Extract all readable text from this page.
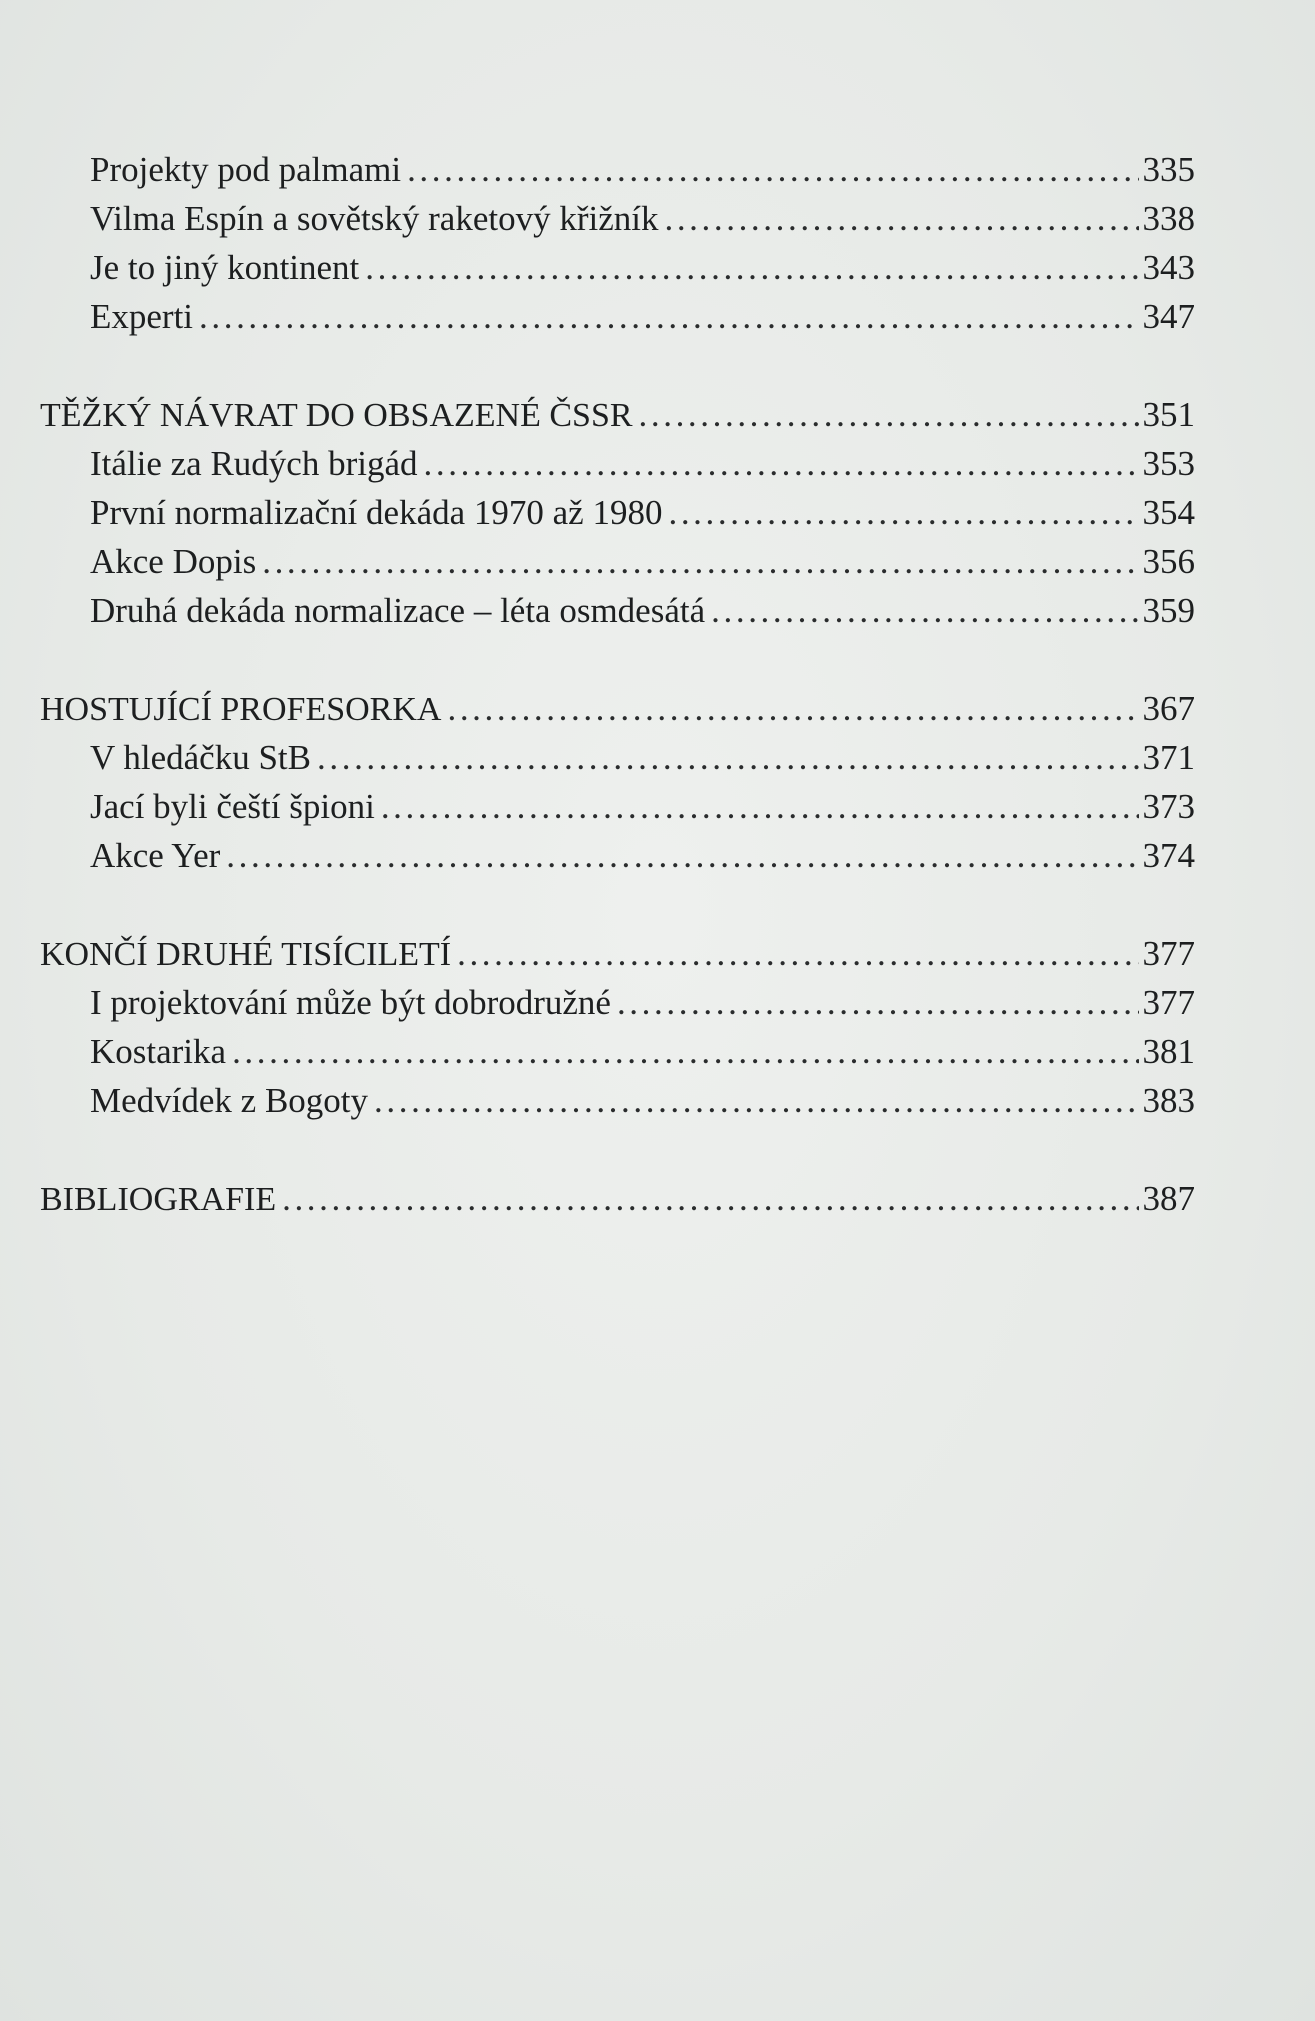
Projekty pod palmami .....	335
Vilma Espín a sovětský raketový křižník .....	338
Je to jiný kontinent .....	343
Experti .....	347
TĚŽKÝ NÁVRAT DO OBSAZENÉ ČSSR .....	351
Itálie za Rudých brigád .....	353
První normalizační dekáda 1970 až 1980 .....	354
Akce Dopis .....	356
Druhá dekáda normalizace – léta osmdesátá .....	359
HOSTUJÍCÍ PROFESORKA .....	367
V hledáčku StB .....	371
Jací byli čeští špioni .....	373
Akce Yer .....	374
KONČÍ DRUHÉ TISÍCILETÍ .....	377
I projektování může být dobrodružné .....	377
Kostarika .....	381
Medvídek z Bogoty .....	383
BIBLIOGRAFIE .....	387
